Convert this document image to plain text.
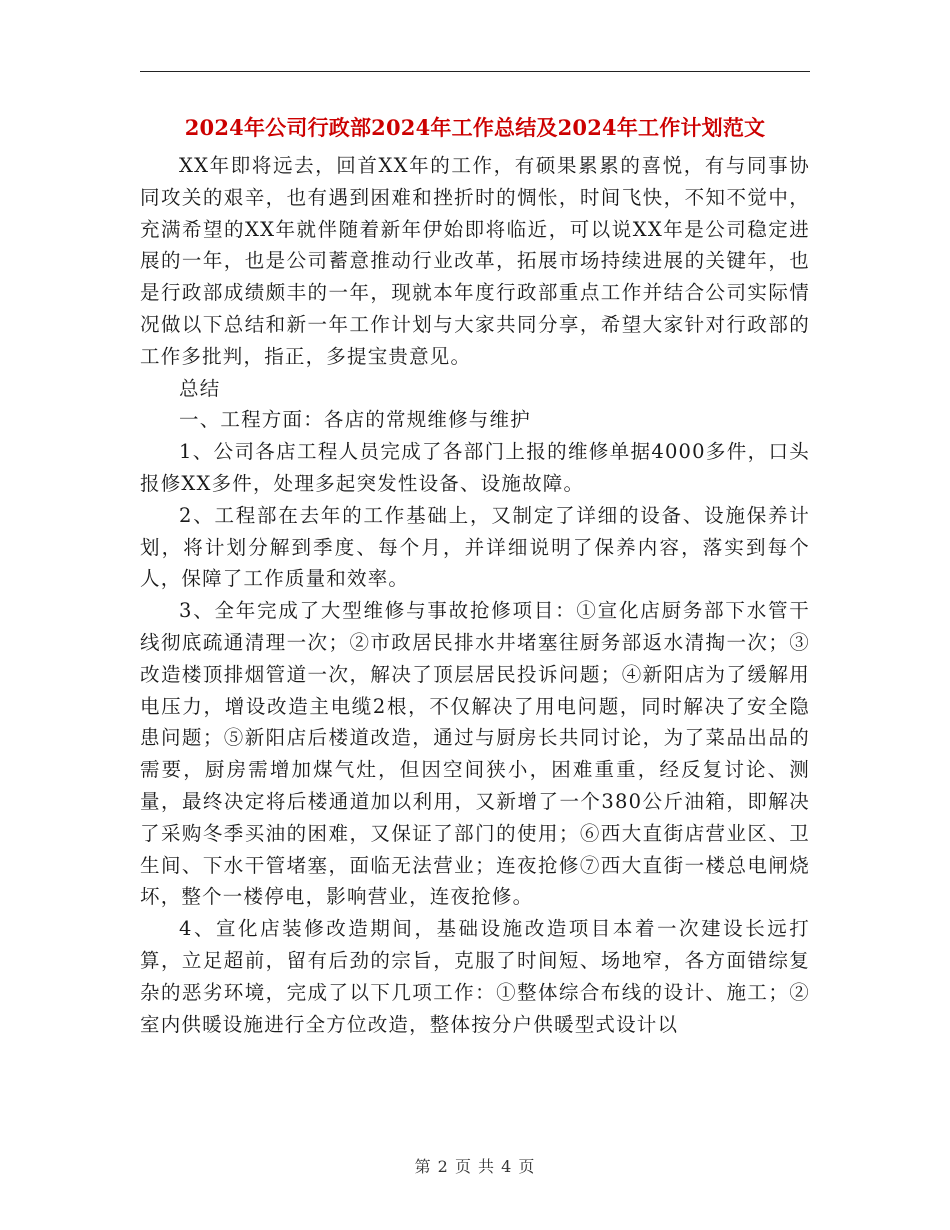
2024年公司行政部2024年工作总结及2024年工作计划范文

XX年即将远去，回首XX年的工作，有硕果累累的喜悦，有与同事协同攻关的艰辛，也有遇到困难和挫折时的惆怅，时间飞快，不知不觉中，充满希望的XX年就伴随着新年伊始即将临近，可以说XX年是公司稳定进展的一年，也是公司蓄意推动行业改革，拓展市场持续进展的关键年，也是行政部成绩颇丰的一年，现就本年度行政部重点工作并结合公司实际情况做以下总结和新一年工作计划与大家共同分享，希望大家针对行政部的工作多批判，指正，多提宝贵意见。

总结

一、工程方面：各店的常规维修与维护

1、公司各店工程人员完成了各部门上报的维修单据4000多件，口头报修XX多件，处理多起突发性设备、设施故障。

2、工程部在去年的工作基础上，又制定了详细的设备、设施保养计划，将计划分解到季度、每个月，并详细说明了保养内容，落实到每个人，保障了工作质量和效率。

3、全年完成了大型维修与事故抢修项目：①宣化店厨务部下水管干线彻底疏通清理一次；②市政居民排水井堵塞往厨务部返水清掏一次；③改造楼顶排烟管道一次，解决了顶层居民投诉问题；④新阳店为了缓解用电压力，增设改造主电缆2根，不仅解决了用电问题，同时解决了安全隐患问题；⑤新阳店后楼道改造，通过与厨房长共同讨论，为了菜品出品的需要，厨房需增加煤气灶，但因空间狭小，困难重重，经反复讨论、测量，最终决定将后楼通道加以利用，又新增了一个380公斤油箱，即解决了采购冬季买油的困难，又保证了部门的使用；⑥西大直街店营业区、卫生间、下水干管堵塞，面临无法营业；连夜抢修⑦西大直街一楼总电闸烧坏，整个一楼停电，影响营业，连夜抢修。

4、宣化店装修改造期间，基础设施改造项目本着一次建设长远打算，立足超前，留有后劲的宗旨，克服了时间短、场地窄，各方面错综复杂的恶劣环境，完成了以下几项工作：①整体综合布线的设计、施工；②室内供暖设施进行全方位改造，整体按分户供暖型式设计以

第 2 页 共 4 页
